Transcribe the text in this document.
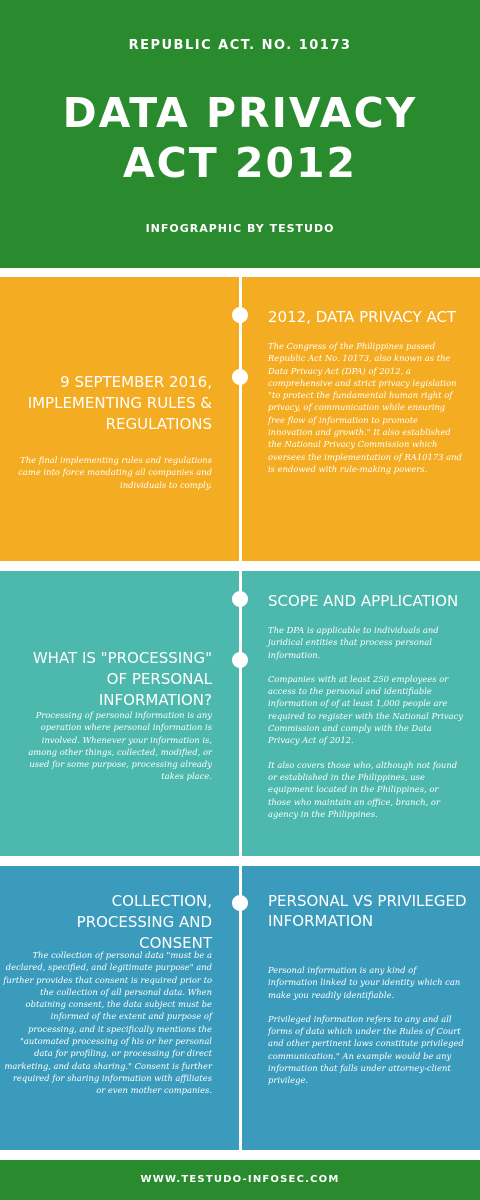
REPUBLIC ACT. NO. 10173
DATA PRIVACY
ACT 2012
INFOGRAPHIC BY TESTUDO
2012, DATA PRIVACY ACT

The Congress of the Philippines passed Republic Act No. 10173, also known as the Data Privacy Act (DPA) of 2012, a comprehensive and strict privacy legislation "to protect the fundamental human right of privacy, of communication while ensuring free flow of information to promote innovation and growth." It also established the National Privacy Commission which oversees the implementation of RA10173 and is endowed with rule-making powers.

9 SEPTEMBER 2016, IMPLEMENTING RULES & REGULATIONS
The final implementing rules and regulations came into force mandating all companies and individuals to comply.
SCOPE AND APPLICATION

The DPA is applicable to individuals and juridical entities that process personal information.

Companies with at least 250 employees or access to the personal and identifiable information of of at least 1,000 people are required to register with the National Privacy Commission and comply with the Data Privacy Act of 2012.

It also covers those who, although not found or established in the Philippines, use equipment located in the Philippines, or those who maintain an office, branch, or agency in the Philippines.

WHAT IS "PROCESSING" OF PERSONAL INFORMATION?
Processing of personal information is any operation where personal information is involved. Whenever your information is, among other things, collected, modified, or used for some purpose, processing already takes place.
PERSONAL VS PRIVILEGED INFORMATION

Personal information is any kind of information linked to your identity which can make you readily identifiable.

Privileged information refers to any and all forms of data which under the Rules of Court and other pertinent laws constitute privileged communication." An example would be any information that falls under attorney-client privilege.

COLLECTION, PROCESSING AND CONSENT
The collection of personal data "must be a declared, specified, and legitimate purpose" and further provides that consent is required prior to the collection of all personal data. When obtaining consent, the data subject must be informed of the extent and purpose of processing, and it specifically mentions the "automated processing of his or her personal data for profiling, or processing for direct marketing, and data sharing." Consent is further required for sharing information with affiliates or even mother companies.
WWW.TESTUDO-INFOSEC.COM
